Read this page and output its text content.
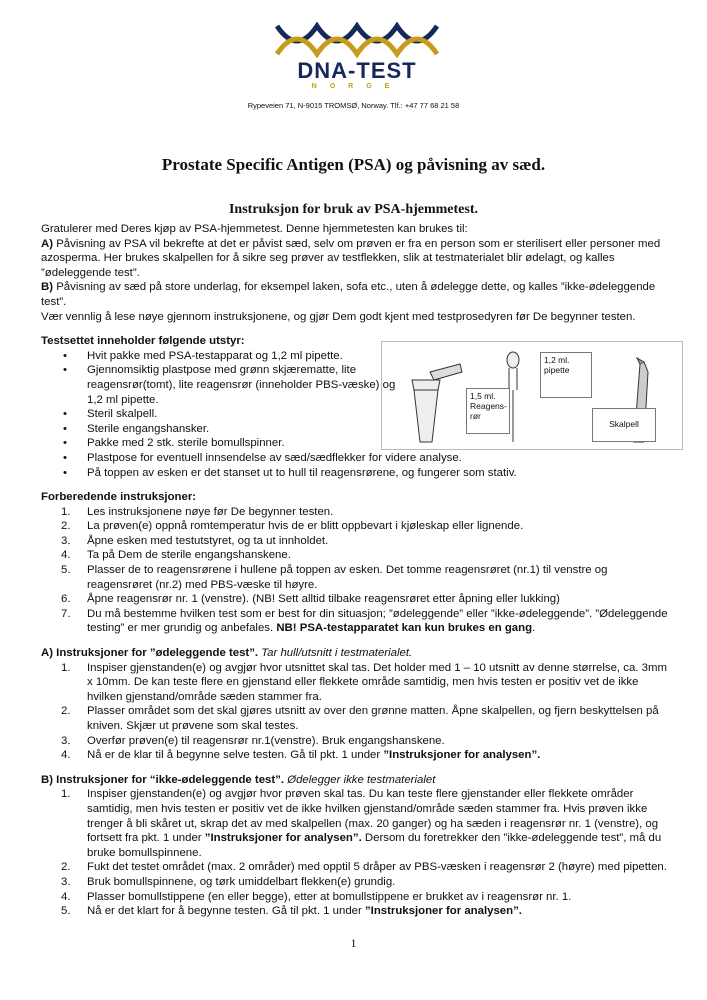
DNA-TEST
NORGE
Rypeveien 71, N-9015 TROMSØ, Norway. Tlf.: +47 77 68 21 58
Prostate Specific Antigen (PSA) og påvisning av sæd.
Instruksjon for bruk av PSA-hjemmetest.
1,2 ml.
pipette
1,5 ml.
Reagens-
rør
Skalpell

Gratulerer med Deres kjøp av PSA-hjemmetest. Denne hjemmetesten kan brukes til:

A) Påvisning av PSA vil bekrefte at det er påvist sæd, selv om prøven er fra en person som er sterilisert eller personer med azosperma. Her brukes skalpellen for å sikre seg prøver av testflekken, slik at testmaterialet blir ødelagt, og kalles ”ødeleggende test”.

B) Påvisning av sæd på store underlag, for eksempel laken, sofa etc., uten å ødelegge dette, og kalles ”ikke-ødeleggende test”.

Vær vennlig å lese nøye gjennom instruksjonene, og gjør Dem godt kjent med testprosedyren før De begynner testen.

Testsettet inneholder følgende utstyr:
• Hvit pakke med PSA-testapparat og 1,2 ml pipette.
• Gjennomsiktig plastpose med grønn skjærematte, lite reagensrør(tomt), lite reagensrør (inneholder PBS-væske) og 1,2 ml pipette.
• Steril skalpell.
• Sterile engangshansker.
• Pakke med 2 stk. sterile bomullspinner.
• Plastpose for eventuell innsendelse av sæd/sædflekker for videre analyse.
• På toppen av esken er det stanset ut to hull til reagensrørene, og fungerer som stativ.
Forberedende instruksjoner:
1. Les instruksjonene nøye før De begynner testen.
2. La prøven(e) oppnå romtemperatur hvis de er blitt oppbevart i kjøleskap eller lignende.
3. Åpne esken med testutstyret, og ta ut innholdet.
4. Ta på Dem de sterile engangshanskene.
5. Plasser de to reagensrørene i hullene på toppen av esken. Det tomme reagensrøret (nr.1) til venstre og reagensrøret (nr.2) med PBS-væske til høyre.
6. Åpne reagensrør nr. 1 (venstre). (NB! Sett alltid tilbake reagensrøret etter åpning eller lukking)
7. Du må bestemme hvilken test som er best for din situasjon; ”ødeleggende” eller ”ikke-ødeleggende”. ”Ødeleggende testing” er mer grundig og anbefales. NB! PSA-testapparatet kan kun brukes en gang.
A) Instruksjoner for ”ødeleggende test”. Tar hull/utsnitt i testmaterialet.
1. Inspiser gjenstanden(e) og avgjør hvor utsnittet skal tas. Det holder med 1 – 10 utsnitt av denne størrelse, ca. 3mm x 10mm. De kan teste flere en gjenstand eller flekkete område samtidig, men hvis testen er positiv vet de ikke hvilken gjenstand/område sæden stammer fra.
2. Plasser området som det skal gjøres utsnitt av over den grønne matten. Åpne skalpellen, og fjern beskyttelsen på kniven. Skjær ut prøvene som skal testes.
3. Overfør prøven(e) til reagensrør nr.1(venstre). Bruk engangshanskene.
4. Nå er de klar til å begynne selve testen. Gå til pkt. 1 under ”Instruksjoner for analysen”.
B) Instruksjoner for “ikke-ødeleggende test”. Ødelegger ikke testmaterialet
1. Inspiser gjenstanden(e) og avgjør hvor prøven skal tas. Du kan teste flere gjenstander eller flekkete områder samtidig, men hvis testen er positiv vet de ikke hvilken gjenstand/område sæden stammer fra. Hvis prøven ikke trenger å bli skåret ut, skrap det av med skalpellen (max. 20 ganger) og ha sæden i reagensrør nr. 1 (venstre), og fortsett fra pkt. 1 under ”Instruksjoner for analysen”. Dersom du foretrekker den ”ikke-ødeleggende test”, må du bruke bomullspinnene.
2. Fukt det testet området (max. 2 områder) med opptil 5 dråper av PBS-væsken i reagensrør 2 (høyre) med pipetten.
3. Bruk bomullspinnene, og tørk umiddelbart flekken(e) grundig.
4. Plasser bomullstippene (en eller begge), etter at bomullstippene er brukket av i reagensrør nr. 1.
5. Nå er det klart for å begynne testen. Gå til pkt. 1 under ”Instruksjoner for analysen”.
1
